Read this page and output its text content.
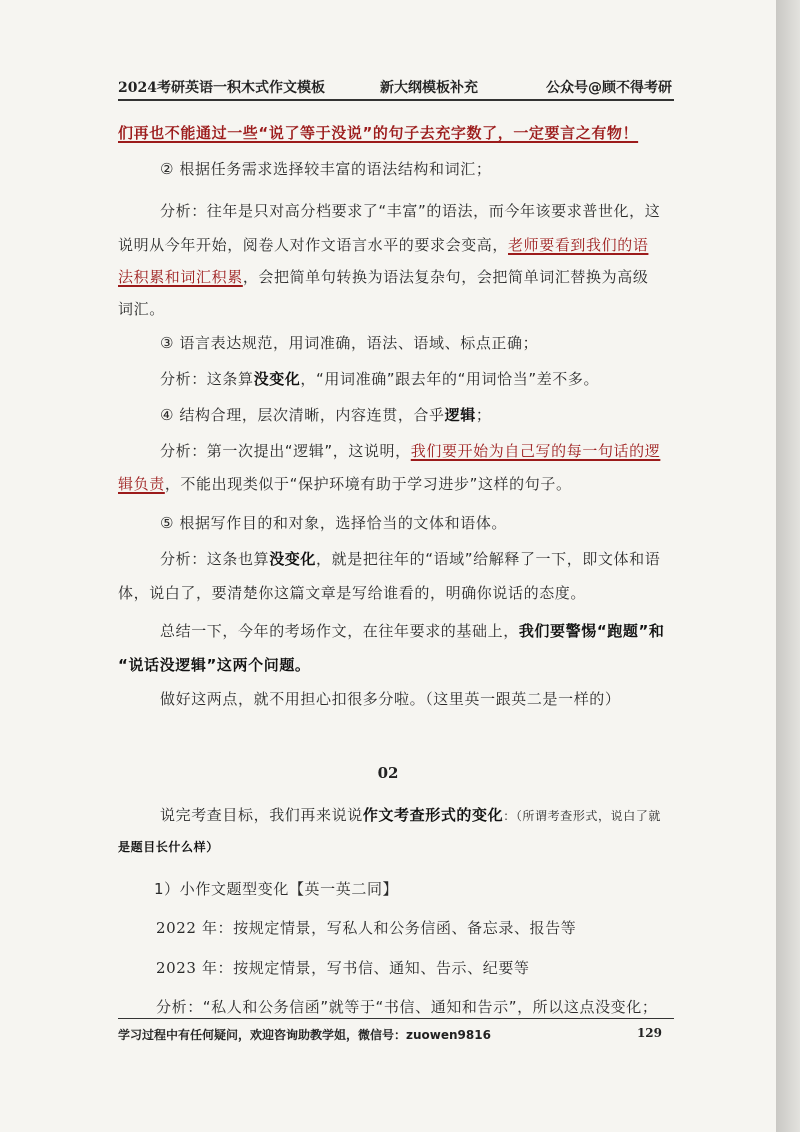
2024考研英语一积木式作文模板	新大纲模板补充	公众号@顾不得考研
们再也不能通过一些“说了等于没说”的句子去充字数了，一定要言之有物！
② 根据任务需求选择较丰富的语法结构和词汇；
分析：往年是只对高分档要求了“丰富”的语法，而今年该要求普世化，这
说明从今年开始，阅卷人对作文语言水平的要求会变高，老师要看到我们的语
法积累和词汇积累，会把简单句转换为语法复杂句，会把简单词汇替换为高级
词汇。
③ 语言表达规范，用词准确，语法、语域、标点正确；
分析：这条算没变化，“用词准确”跟去年的“用词恰当”差不多。
④ 结构合理，层次清晰，内容连贯，合乎逻辑；
分析：第一次提出“逻辑”，这说明，我们要开始为自己写的每一句话的逻
辑负责，不能出现类似于“保护环境有助于学习进步”这样的句子。
⑤ 根据写作目的和对象，选择恰当的文体和语体。
分析：这条也算没变化，就是把往年的“语域”给解释了一下，即文体和语
体，说白了，要清楚你这篇文章是写给谁看的，明确你说话的态度。
总结一下，今年的考场作文，在往年要求的基础上，我们要警惕“跑题”和
“说话没逻辑”这两个问题。
做好这两点，就不用担心扣很多分啦。（这里英一跟英二是一样的）
02
说完考查目标，我们再来说说作文考查形式的变化：（所谓考查形式，说白了就
是题目长什么样）
1）小作文题型变化【英一英二同】
2022 年：按规定情景，写私人和公务信函、备忘录、报告等
2023 年：按规定情景，写书信、通知、告示、纪要等
分析：“私人和公务信函”就等于“书信、通知和告示”，所以这点没变化；
学习过程中有任何疑问，欢迎咨询助教学姐，微信号：zuowen9816	129
